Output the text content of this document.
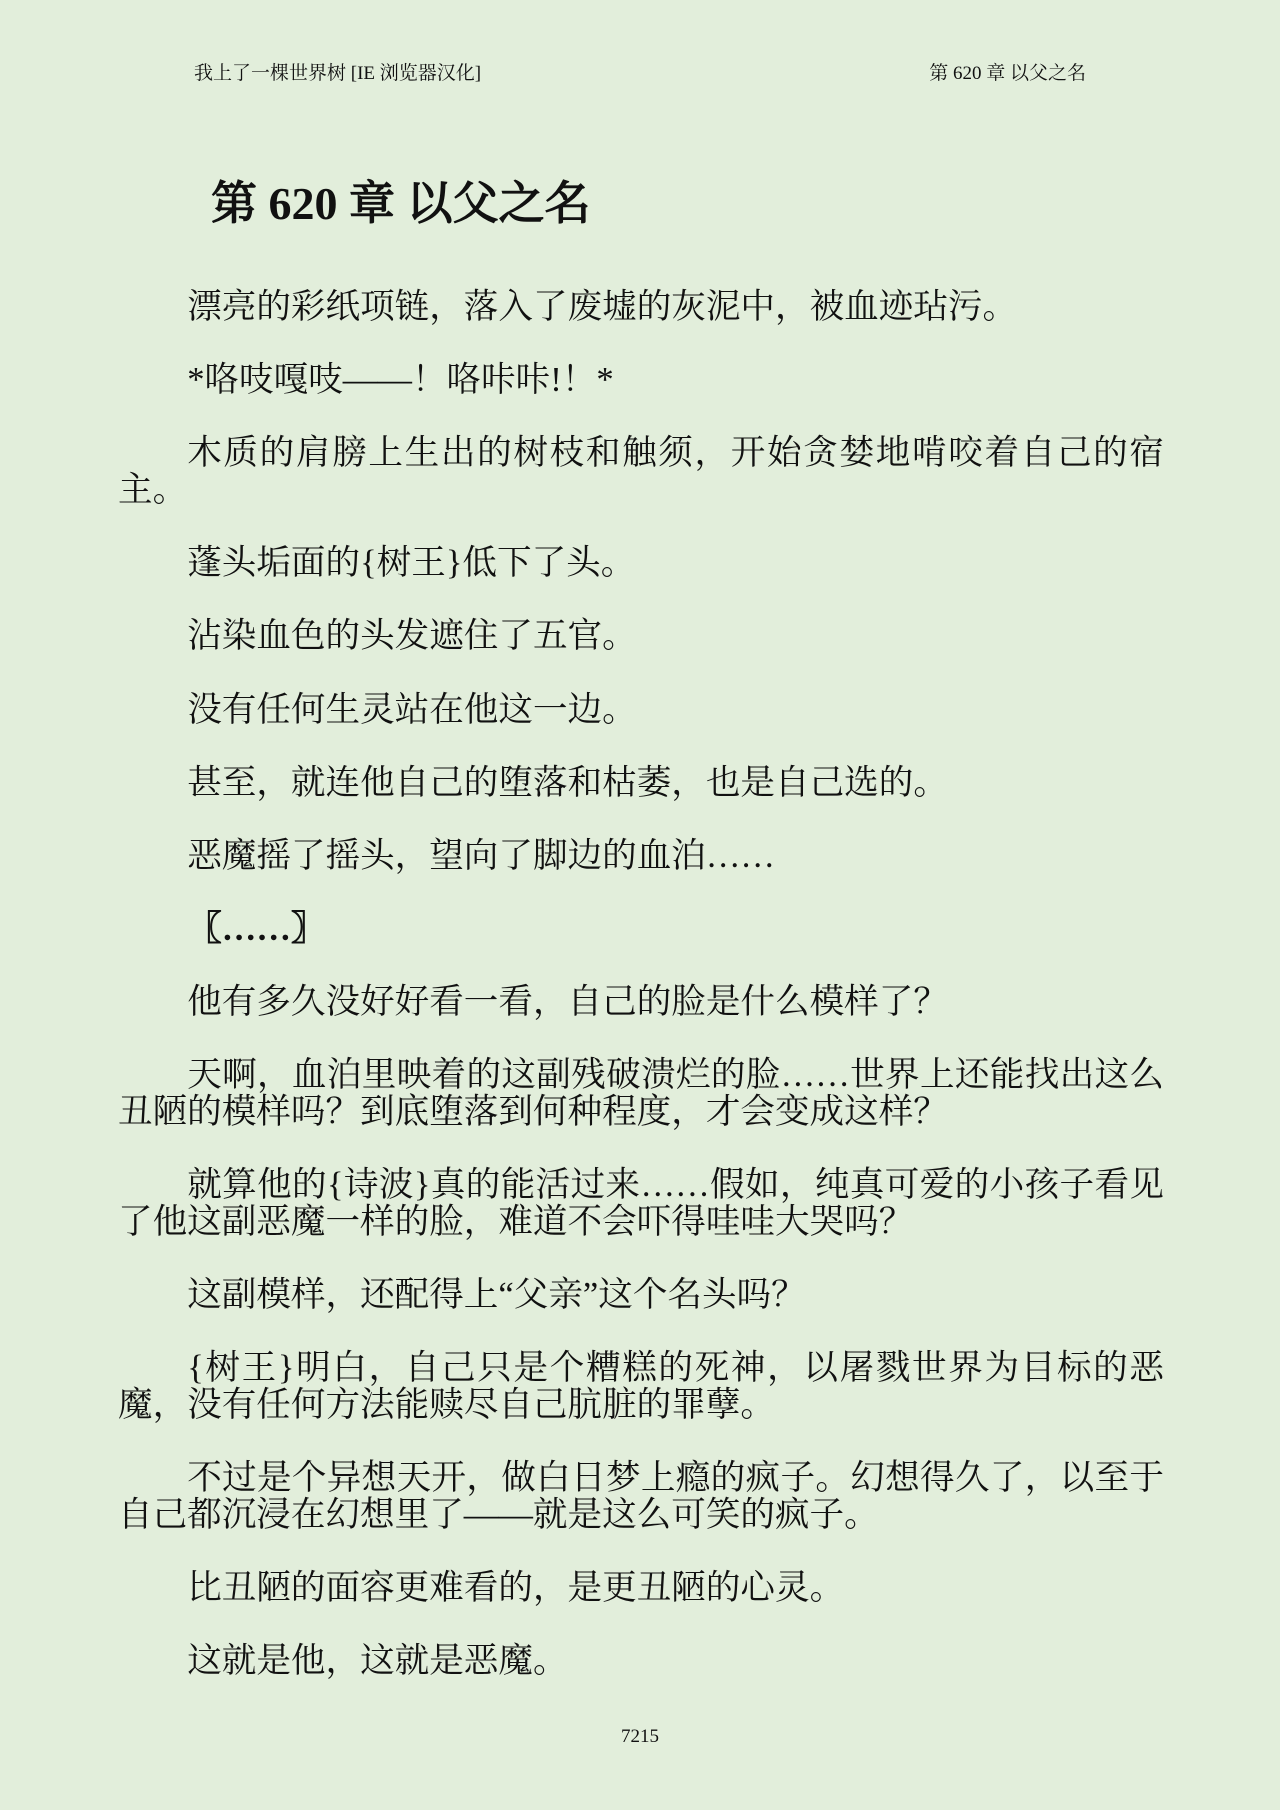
我上了一棵世界树 [IE 浏览器汉化]	第 620 章 以父之名
第 620 章 以父之名

漂亮的彩纸项链，落入了废墟的灰泥中，被血迹玷污。

*咯吱嘎吱——！咯咔咔!！*

木质的肩膀上生出的树枝和触须，开始贪婪地啃咬着自己的宿主。

蓬头垢面的{树王}低下了头。

沾染血色的头发遮住了五官。

没有任何生灵站在他这一边。

甚至，就连他自己的堕落和枯萎，也是自己选的。

恶魔摇了摇头，望向了脚边的血泊……

〖……〗

他有多久没好好看一看，自己的脸是什么模样了？

天啊，血泊里映着的这副残破溃烂的脸……世界上还能找出这么丑陋的模样吗？到底堕落到何种程度，才会变成这样？

就算他的{诗波}真的能活过来……假如，纯真可爱的小孩子看见了他这副恶魔一样的脸，难道不会吓得哇哇大哭吗？

这副模样，还配得上“父亲”这个名头吗？

{树王}明白，自己只是个糟糕的死神，以屠戮世界为目标的恶魔，没有任何方法能赎尽自己肮脏的罪孽。

不过是个异想天开，做白日梦上瘾的疯子。幻想得久了，以至于自己都沉浸在幻想里了——就是这么可笑的疯子。

比丑陋的面容更难看的，是更丑陋的心灵。

这就是他，这就是恶魔。

7215
